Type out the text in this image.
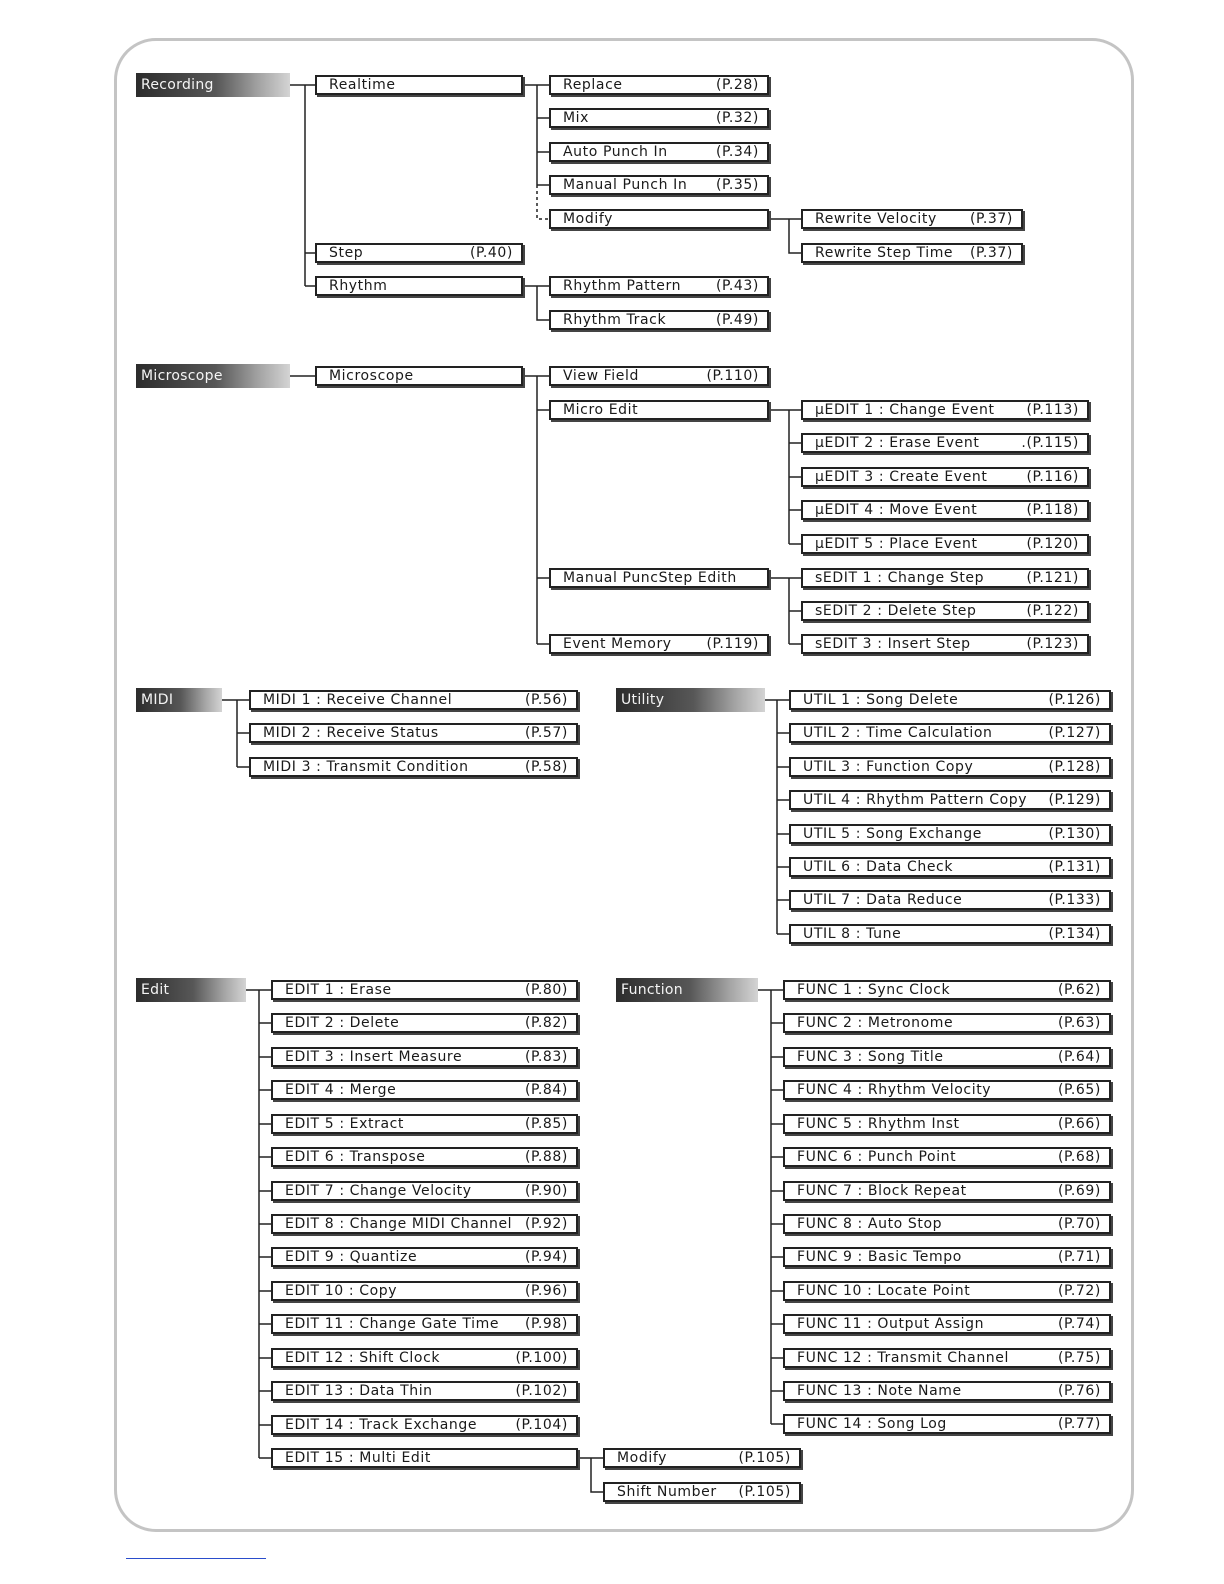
Recording	Realtime
Step	(P.40)
Rhythm
Replace	(P.28)
Mix	(P.32)
Auto Punch In	(P.34)
Manual Punch In (P.35)
Modify	Rewrite Velocity (P.37)
Rewrite Step Time (P.37)
Rhythm Pattern (P.43)
Rhythm Track	(P.49)
Microscope	Microscope	View Field	(P.110)
Micro Edit
Manual PuncStep Edith
Event Memory (P.119)
μEDIT 1 : Change Event (P.113)
μEDIT 2 : Erase Event	.(P.115)
μEDIT 3 : Create Event	(P.116)
μEDIT 4 : Move Event	(P.118)
μEDIT 5 : Place Event	(P.120)
sEDIT 1 : Change Step	(P.121)
sEDIT 2 : Delete Step	(P.122)
sEDIT 3 : Insert Step	(P.123)
MIDI	MIDI 1 : Receive Channel	(P.56)
MIDI 2 : Receive Status	(P.57)
MIDI 3 : Transmit Condition	(P.58)
Utility	UTIL 1 : Song Delete	(P.126)
UTIL 2 : Time Calculation	(P.127)
UTIL 3 : Function Copy	(P.128)
UTIL 4 : Rhythm Pattern Copy (P.129)
UTIL 5 : Song Exchange	(P.130)
UTIL 6 : Data Check	(P.131)
UTIL 7 : Data Reduce	(P.133)
UTIL 8 : Tune	(P.134)
Edit	EDIT 1 : Erase	(P.80)
EDIT 2 : Delete	(P.82)
EDIT 3 : Insert Measure	(P.83)
EDIT 4 : Merge	(P.84)
EDIT 5 : Extract	(P.85)
EDIT 6 : Transpose	(P.88)
EDIT 7 : Change Velocity	(P.90)
EDIT 8 : Change MIDI Channel (P.92)
EDIT 9 : Quantize	(P.94)
EDIT 10 : Copy	(P.96)
EDIT 11 : Change Gate Time (P.98)
EDIT 12 : Shift Clock	(P.100)
EDIT 13 : Data Thin	(P.102)
EDIT 14 : Track Exchange	(P.104)
EDIT 15 : Multi Edit	Modify	(P.105)
Shift Number (P.105)
Function	FUNC 1 : Sync Clock	(P.62)
FUNC 2 : Metronome	(P.63)
FUNC 3 : Song Title	(P.64)
FUNC 4 : Rhythm Velocity	(P.65)
FUNC 5 : Rhythm Inst	(P.66)
FUNC 6 : Punch Point	(P.68)
FUNC 7 : Block Repeat	(P.69)
FUNC 8 : Auto Stop	(P.70)
FUNC 9 : Basic Tempo	(P.71)
FUNC 10 : Locate Point	(P.72)
FUNC 11 : Output Assign	(P.74)
FUNC 12 : Transmit Channel	(P.75)
FUNC 13 : Note Name	(P.76)
FUNC 14 : Song Log	(P.77)
